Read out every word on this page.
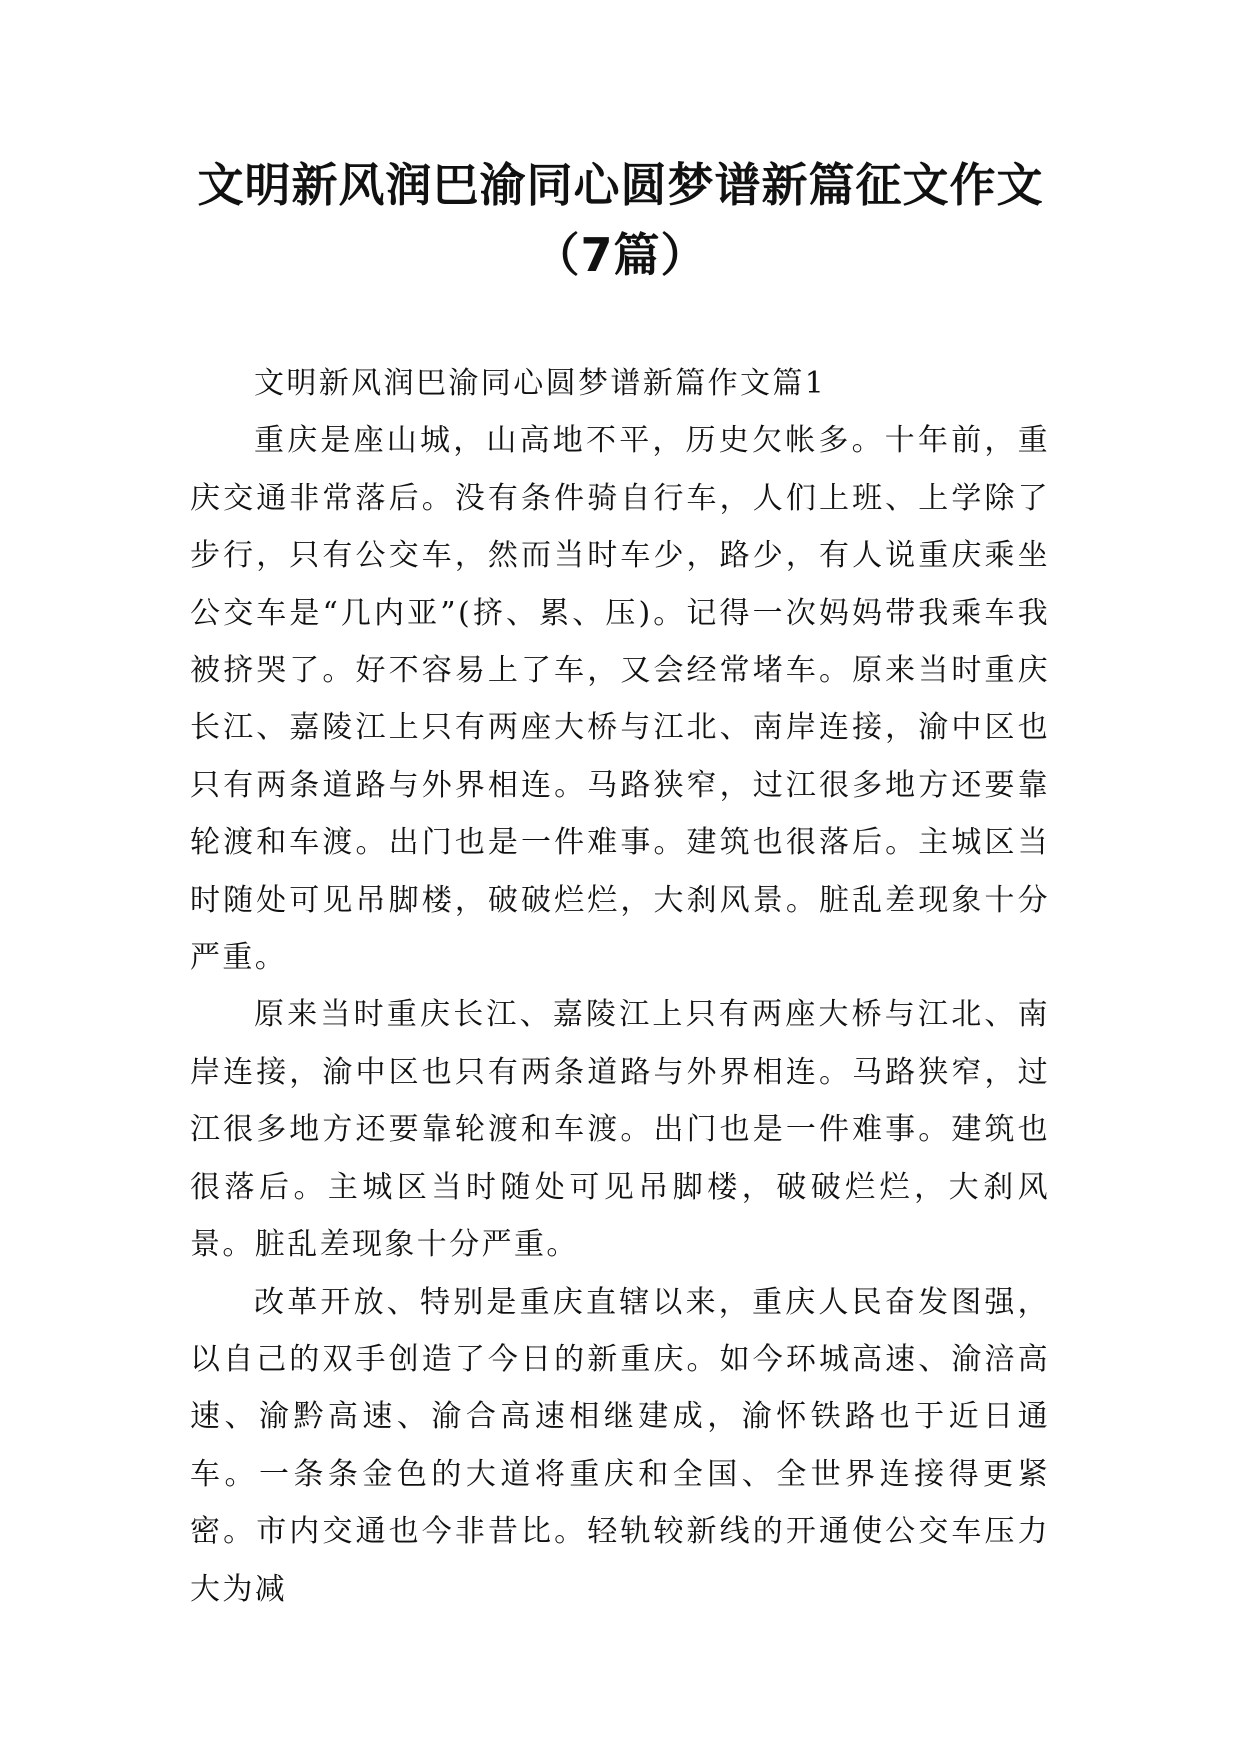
文明新风润巴渝同心圆梦谱新篇征文作文
（7篇）

文明新风润巴渝同心圆梦谱新篇作文篇1

重庆是座山城，山高地不平，历史欠帐多。十年前，重庆交通非常落后。没有条件骑自行车，人们上班、上学除了步行，只有公交车，然而当时车少，路少，有人说重庆乘坐公交车是“几内亚”(挤、累、压)。记得一次妈妈带我乘车我被挤哭了。好不容易上了车，又会经常堵车。原来当时重庆长江、嘉陵江上只有两座大桥与江北、南岸连接，渝中区也只有两条道路与外界相连。马路狭窄，过江很多地方还要靠轮渡和车渡。出门也是一件难事。建筑也很落后。主城区当时随处可见吊脚楼，破破烂烂，大刹风景。脏乱差现象十分严重。

原来当时重庆长江、嘉陵江上只有两座大桥与江北、南岸连接，渝中区也只有两条道路与外界相连。马路狭窄，过江很多地方还要靠轮渡和车渡。出门也是一件难事。建筑也很落后。主城区当时随处可见吊脚楼，破破烂烂，大刹风景。脏乱差现象十分严重。

改革开放、特别是重庆直辖以来，重庆人民奋发图强，以自己的双手创造了今日的新重庆。如今环城高速、渝涪高速、渝黔高速、渝合高速相继建成，渝怀铁路也于近日通车。一条条金色的大道将重庆和全国、全世界连接得更紧密。市内交通也今非昔比。轻轨较新线的开通使公交车压力大为减
